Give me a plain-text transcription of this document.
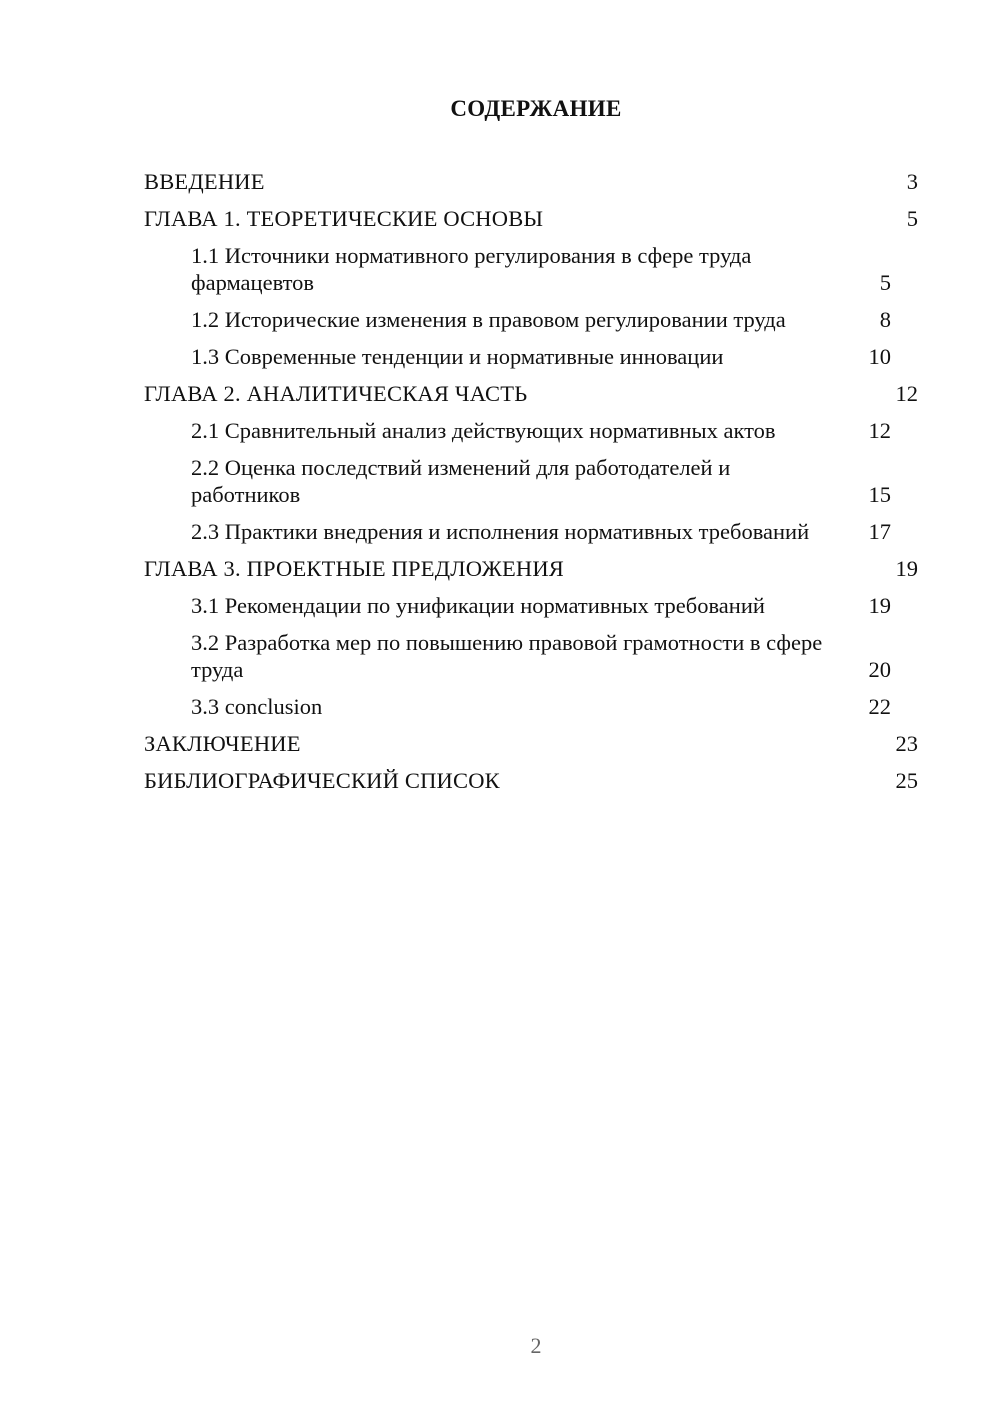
СОДЕРЖАНИЕ
ВВЕДЕНИЕ	3
ГЛАВА 1. ТЕОРЕТИЧЕСКИЕ ОСНОВЫ	5
1.1 Источники нормативного регулирования в сфере труда фармацевтов	5
1.2 Исторические изменения в правовом регулировании труда	8
1.3 Современные тенденции и нормативные инновации	10
ГЛАВА 2. АНАЛИТИЧЕСКАЯ ЧАСТЬ	12
2.1 Сравнительный анализ действующих нормативных актов	12
2.2 Оценка последствий изменений для работодателей и работников	15
2.3 Практики внедрения и исполнения нормативных требований	17
ГЛАВА 3. ПРОЕКТНЫЕ ПРЕДЛОЖЕНИЯ	19
3.1 Рекомендации по унификации нормативных требований	19
3.2 Разработка мер по повышению правовой грамотности в сфере труда	20
3.3 conclusion	22
ЗАКЛЮЧЕНИЕ	23
БИБЛИОГРАФИЧЕСКИЙ СПИСОК	25
2
